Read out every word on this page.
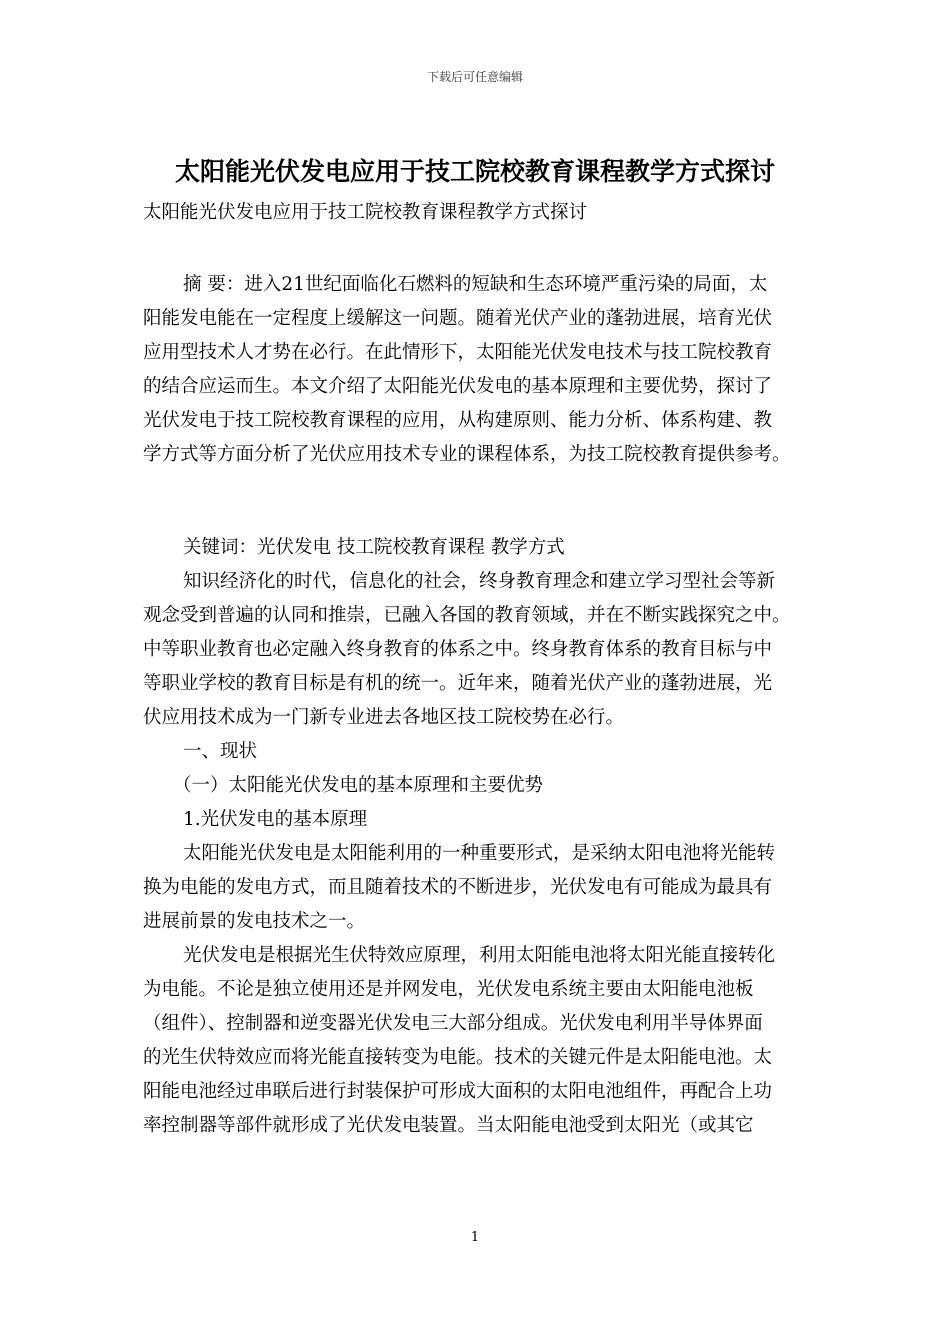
下载后可任意编辑
太阳能光伏发电应用于技工院校教育课程教学方式探讨
太阳能光伏发电应用于技工院校教育课程教学方式探讨
摘 要：进入21世纪面临化石燃料的短缺和生态环境严重污染的局面，太
阳能发电能在一定程度上缓解这一问题。随着光伏产业的蓬勃进展，培育光伏
应用型技术人才势在必行。在此情形下，太阳能光伏发电技术与技工院校教育
的结合应运而生。本文介绍了太阳能光伏发电的基本原理和主要优势，探讨了
光伏发电于技工院校教育课程的应用，从构建原则、能力分析、体系构建、教
学方式等方面分析了光伏应用技术专业的课程体系，为技工院校教育提供参考。
关键词：光伏发电 技工院校教育课程 教学方式
知识经济化的时代，信息化的社会，终身教育理念和建立学习型社会等新
观念受到普遍的认同和推崇，已融入各国的教育领域，并在不断实践探究之中。
中等职业教育也必定融入终身教育的体系之中。终身教育体系的教育目标与中
等职业学校的教育目标是有机的统一。近年来，随着光伏产业的蓬勃进展，光
伏应用技术成为一门新专业进去各地区技工院校势在必行。
一、现状
（一）太阳能光伏发电的基本原理和主要优势
1.光伏发电的基本原理
太阳能光伏发电是太阳能利用的一种重要形式，是采纳太阳电池将光能转
换为电能的发电方式，而且随着技术的不断进步，光伏发电有可能成为最具有
进展前景的发电技术之一。
光伏发电是根据光生伏特效应原理，利用太阳能电池将太阳光能直接转化
为电能。不论是独立使用还是并网发电，光伏发电系统主要由太阳能电池板
（组件）、控制器和逆变器光伏发电三大部分组成。光伏发电利用半导体界面
的光生伏特效应而将光能直接转变为电能。技术的关键元件是太阳能电池。太
阳能电池经过串联后进行封装保护可形成大面积的太阳电池组件，再配合上功
率控制器等部件就形成了光伏发电装置。当太阳能电池受到太阳光（或其它
1
